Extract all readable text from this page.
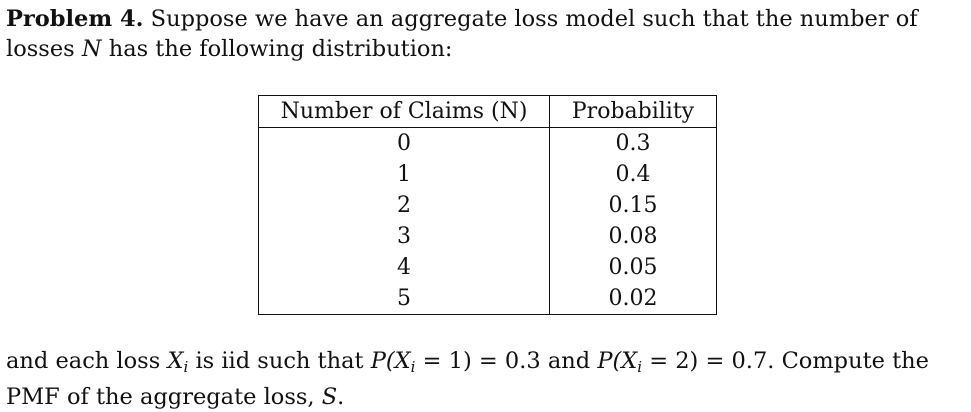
Problem 4. Suppose we have an aggregate loss model such that the number of losses N has the following distribution:

Number of Claims (N)	Probability
0	0.3
1	0.4
2	0.15
3	0.08
4	0.05
5	0.02

and each loss $X_i$ is iid such that $P(X_i = 1) = 0.3$ and $P(X_i = 2) = 0.7$. Compute the PMF of the aggregate loss, S.
